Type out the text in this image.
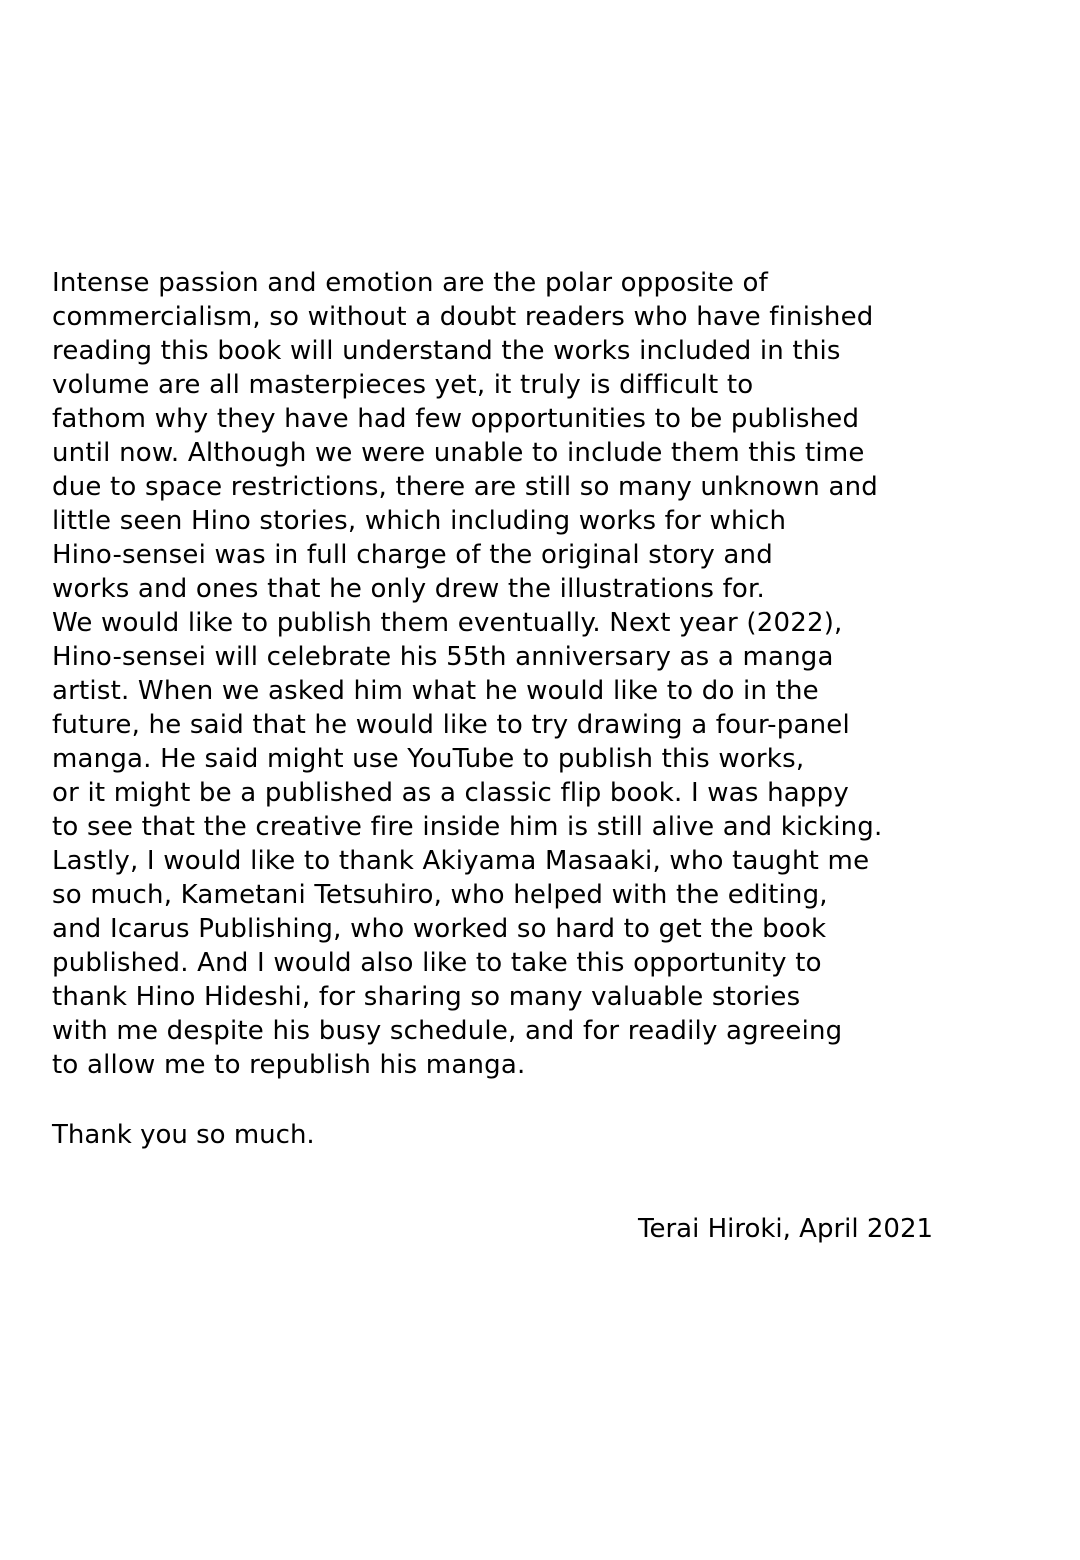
Intense passion and emotion are the polar opposite of
commercialism, so without a doubt readers who have finished
reading this book will understand the works included in this
volume are all masterpieces yet, it truly is difficult to
fathom why they have had few opportunities to be published
until now. Although we were unable to include them this time
due to space restrictions, there are still so many unknown and
little seen Hino stories, which including works for which
Hino-sensei was in full charge of the original story and
works and ones that he only drew the illustrations for.
We would like to publish them eventually. Next year (2022),
Hino-sensei will celebrate his 55th anniversary as a manga
artist. When we asked him what he would like to do in the
future, he said that he would like to try drawing a four-panel
manga. He said might use YouTube to publish this works,
or it might be a published as a classic flip book. I was happy
to see that the creative fire inside him is still alive and kicking.
Lastly, I would like to thank Akiyama Masaaki, who taught me
so much, Kametani Tetsuhiro, who helped with the editing,
and Icarus Publishing, who worked so hard to get the book
published. And I would also like to take this opportunity to
thank Hino Hideshi, for sharing so many valuable stories
with me despite his busy schedule, and for readily agreeing
to allow me to republish his manga.
Thank you so much.
Terai Hiroki, April 2021
